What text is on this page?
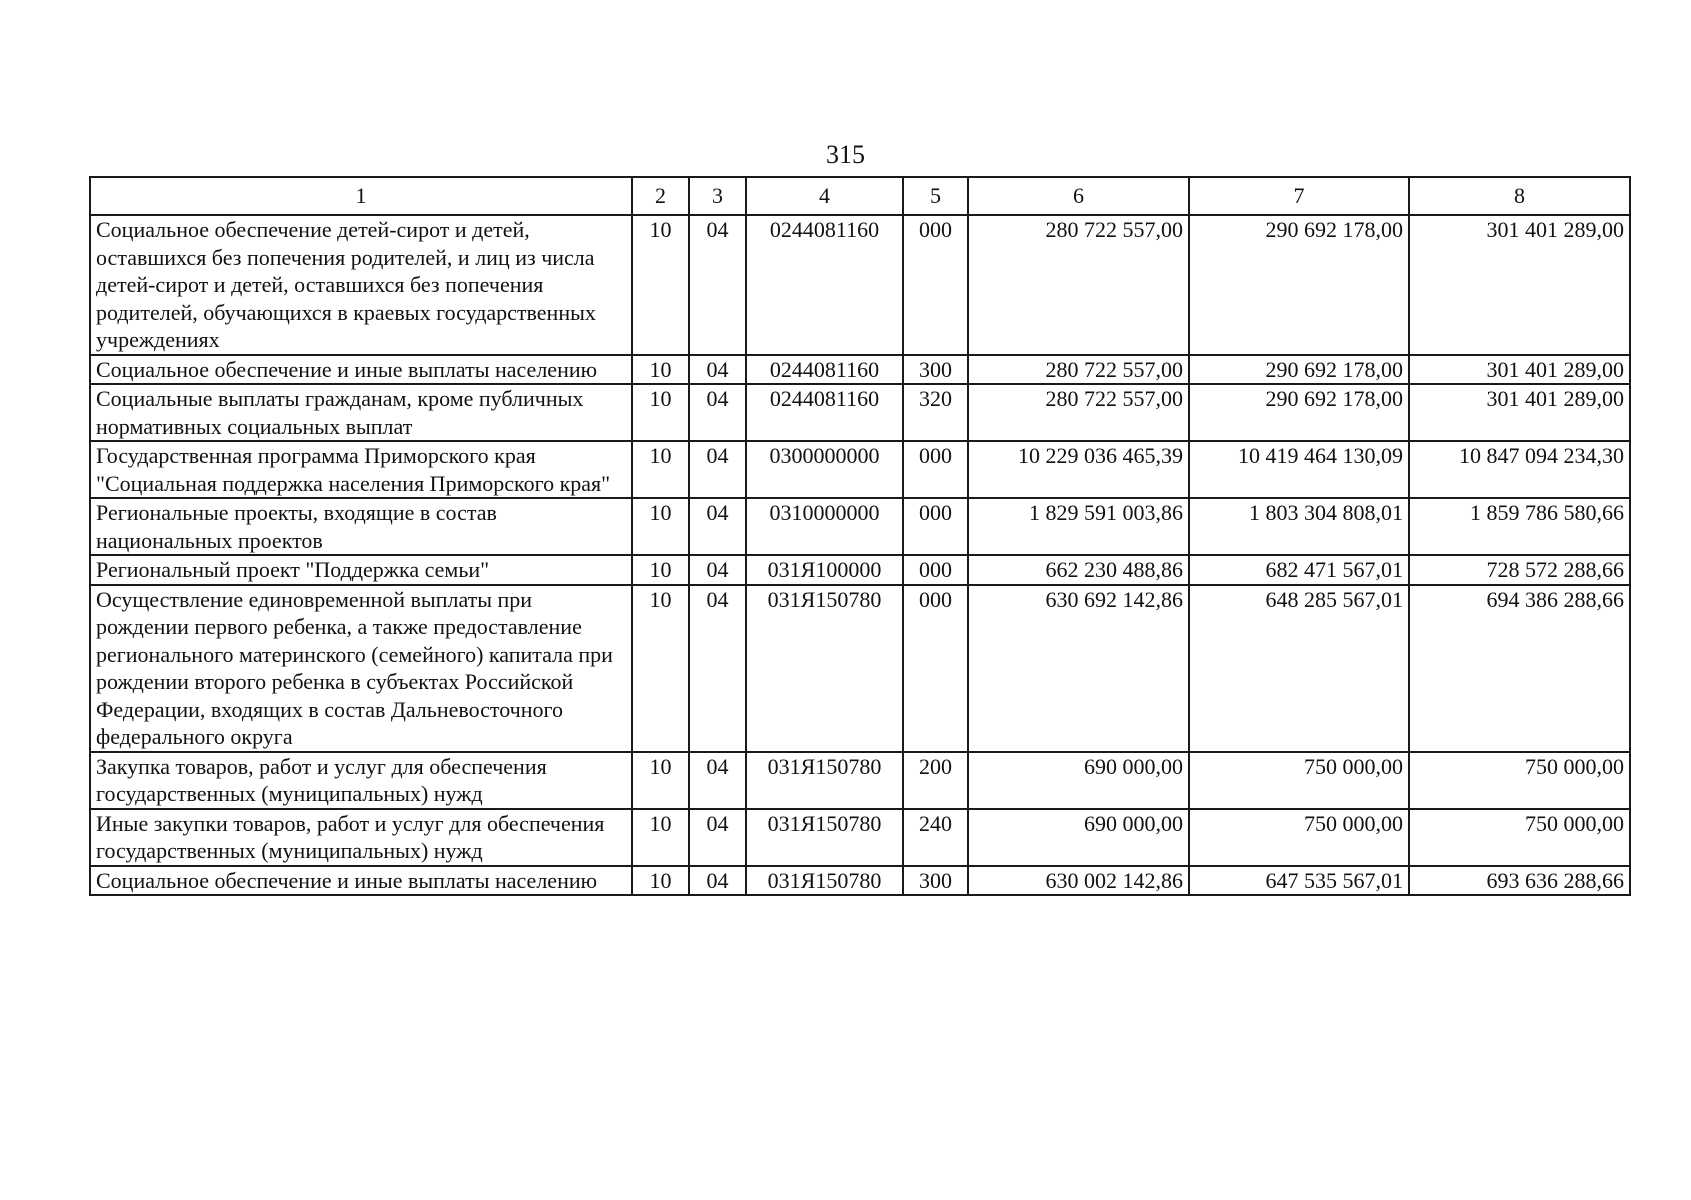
315
1	2	3	4	5	6	7	8
Социальное обеспечение детей-сирот и детей, оставшихся без попечения родителей, и лиц из числа детей-сирот и детей, оставшихся без попечения родителей, обучающихся в краевых государственных учреждениях	10	04	0244081160	000	280 722 557,00	290 692 178,00	301 401 289,00
Социальное обеспечение и иные выплаты населению	10	04	0244081160	300	280 722 557,00	290 692 178,00	301 401 289,00
Социальные выплаты гражданам, кроме публичных нормативных социальных выплат	10	04	0244081160	320	280 722 557,00	290 692 178,00	301 401 289,00
Государственная программа Приморского края "Социальная поддержка населения Приморского края"	10	04	0300000000	000	10 229 036 465,39	10 419 464 130,09	10 847 094 234,30
Региональные проекты, входящие в состав национальных проектов	10	04	0310000000	000	1 829 591 003,86	1 803 304 808,01	1 859 786 580,66
Региональный проект "Поддержка семьи"	10	04	031Я100000	000	662 230 488,86	682 471 567,01	728 572 288,66
Осуществление единовременной выплаты при рождении первого ребенка, а также предоставление регионального материнского (семейного) капитала при рождении второго ребенка в субъектах Российской Федерации, входящих в состав Дальневосточного федерального округа	10	04	031Я150780	000	630 692 142,86	648 285 567,01	694 386 288,66
Закупка товаров, работ и услуг для обеспечения государственных (муниципальных) нужд	10	04	031Я150780	200	690 000,00	750 000,00	750 000,00
Иные закупки товаров, работ и услуг для обеспечения государственных (муниципальных) нужд	10	04	031Я150780	240	690 000,00	750 000,00	750 000,00
Социальное обеспечение и иные выплаты населению	10	04	031Я150780	300	630 002 142,86	647 535 567,01	693 636 288,66
